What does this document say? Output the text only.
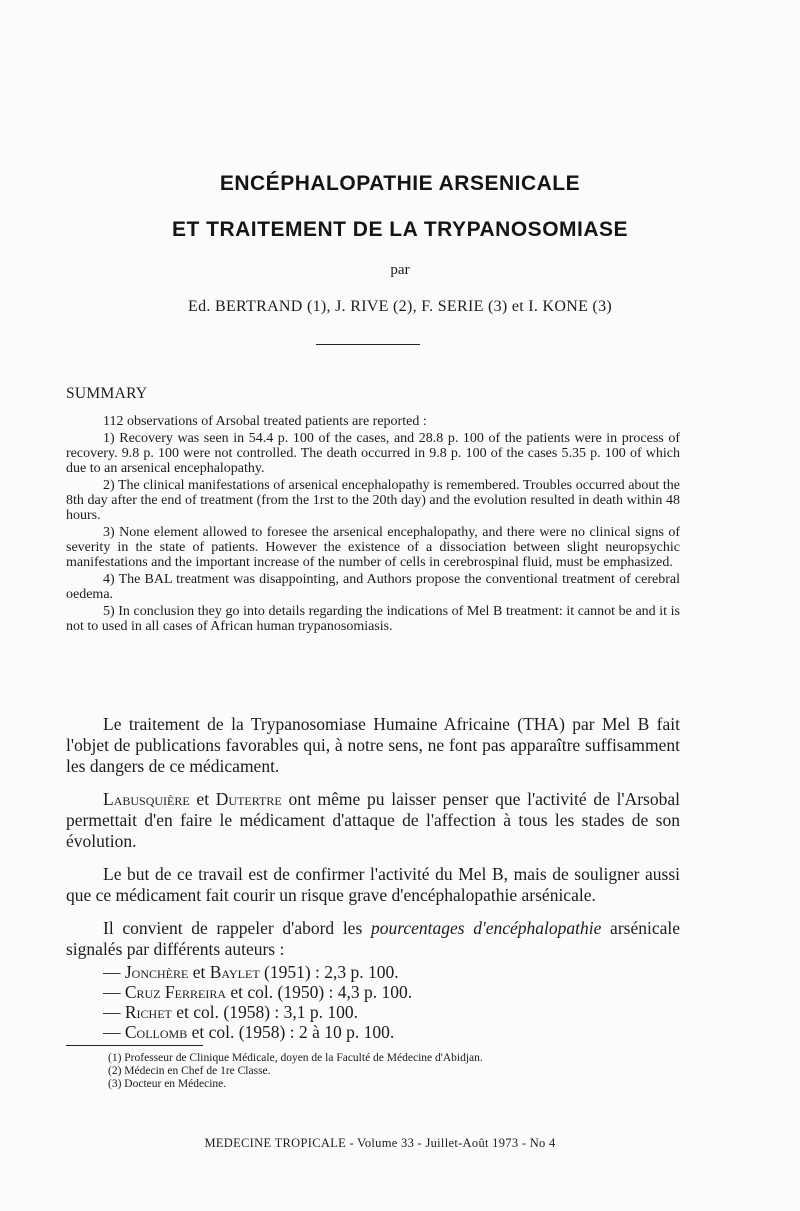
ENCÉPHALOPATHIE ARSENICALE
ET TRAITEMENT DE LA TRYPANOSOMIASE
par
Ed. BERTRAND (1), J. RIVE (2), F. SERIE (3) et I. KONE (3)
SUMMARY

112 observations of Arsobal treated patients are reported :

1) Recovery was seen in 54.4 p. 100 of the cases, and 28.8 p. 100 of the patients were in process of recovery. 9.8 p. 100 were not controlled. The death occurred in 9.8 p. 100 of the cases 5.35 p. 100 of which due to an arsenical encephalopathy.

2) The clinical manifestations of arsenical encephalopathy is remembered. Troubles occurred about the 8th day after the end of treatment (from the 1rst to the 20th day) and the evolution resulted in death within 48 hours.

3) None element allowed to foresee the arsenical encephalopathy, and there were no clinical signs of severity in the state of patients. However the existence of a dissociation between slight neuropsychic manifestations and the important increase of the number of cells in cerebrospinal fluid, must be emphasized.

4) The BAL treatment was disappointing, and Authors propose the conventional treatment of cerebral oedema.

5) In conclusion they go into details regarding the indications of Mel B treatment: it cannot be and it is not to used in all cases of African human trypanosomiasis.

Le traitement de la Trypanosomiase Humaine Africaine (THA) par Mel B fait l'objet de publications favorables qui, à notre sens, ne font pas apparaître suffisamment les dangers de ce médicament.

Labusquière et Dutertre ont même pu laisser penser que l'activité de l'Arsobal permettait d'en faire le médicament d'attaque de l'affection à tous les stades de son évolution.

Le but de ce travail est de confirmer l'activité du Mel B, mais de souligner aussi que ce médicament fait courir un risque grave d'encéphalopathie arsénicale.

Il convient de rappeler d'abord les pourcentages d'encéphalopathie arsénicale signalés par différents auteurs :

— Jonchère et Baylet (1951) : 2,3 p. 100.
— Cruz Ferreira et col. (1950) : 4,3 p. 100.
— Richet et col. (1958) : 3,1 p. 100.
— Collomb et col. (1958) : 2 à 10 p. 100.
(1) Professeur de Clinique Médicale, doyen de la Faculté de Médecine d'Abidjan.
(2) Médecin en Chef de 1re Classe.
(3) Docteur en Médecine.
MEDECINE TROPICALE - Volume 33 - Juillet-Août 1973 - No 4
